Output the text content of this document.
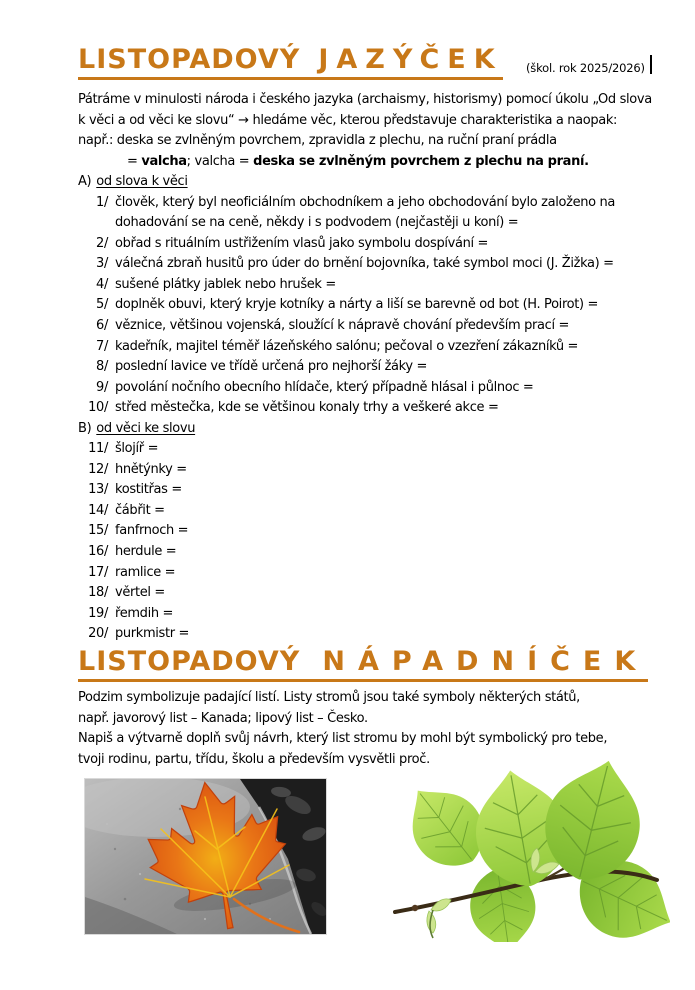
LISTOPADOVÝ JAZÝČEK (škol. rok 2025/2026)
Pátráme v minulosti národa i českého jazyka (archaismy, historismy) pomocí úkolu „Od slova
k věci a od věci ke slovu“ → hledáme věc, kterou představuje charakteristika a naopak:
např.: deska se zvlněným povrchem, zpravidla z plechu, na ruční praní prádla
= valcha; valcha = deska se zvlněným povrchem z plechu na praní.
A) od slova k věci
1/ člověk, který byl neoficiálním obchodníkem a jeho obchodování bylo založeno na
dohadování se na ceně, někdy i s podvodem (nejčastěji u koní) =
2/ obřad s rituálním ustřižením vlasů jako symbolu dospívání =
3/ válečná zbraň husitů pro úder do brnění bojovníka, také symbol moci (J. Žižka) =
4/ sušené plátky jablek nebo hrušek =
5/ doplněk obuvi, který kryje kotníky a nárty a liší se barevně od bot (H. Poirot) =
6/ věznice, většinou vojenská, sloužící k nápravě chování především prací =
7/ kadeřník, majitel téměř lázeňského salónu; pečoval o vzezření zákazníků =
8/ poslední lavice ve třídě určená pro nejhorší žáky =
9/ povolání nočního obecního hlídače, který případně hlásal i půlnoc =
10/ střed městečka, kde se většinou konaly trhy a veškeré akce =
B) od věci ke slovu
11/ šlojíř =
12/ hnětýnky =
13/ kostitřas =
14/ čábřit =
15/ fanfrnoch =
16/ herdule =
17/ ramlice =
18/ věrtel =
19/ řemdih =
20/ purkmistr =
LISTOPADOVÝ NÁPADNÍČEK
Podzim symbolizuje padající listí. Listy stromů jsou také symboly některých států,
např. javorový list – Kanada; lipový list – Česko.
Napiš a výtvarně doplň svůj návrh, který list stromu by mohl být symbolický pro tebe,
tvoji rodinu, partu, třídu, školu a především vysvětli proč.
